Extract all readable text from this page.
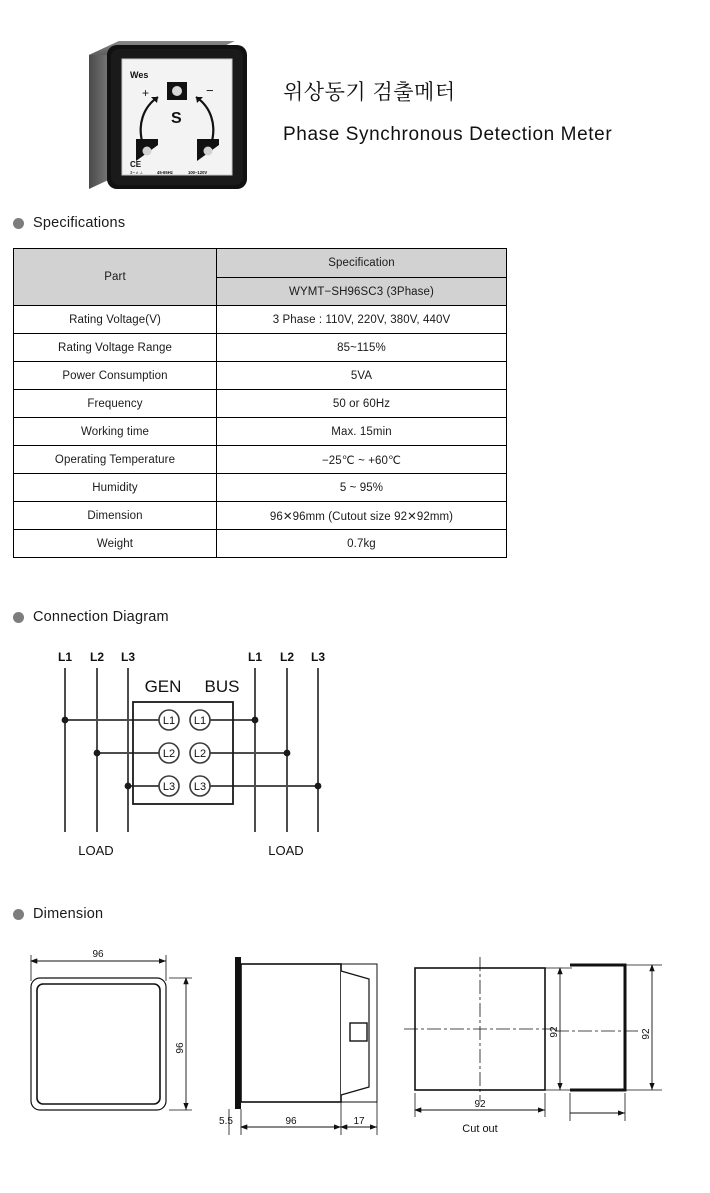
Wes
+	−
S
CE
3~ ≠ ⊥	45-65Hz	100~120V
위상동기 검출메터
Phase Synchronous Detection Meter
Specifications
Part	Specification
	WYMT−SH96SC3 (3Phase)
Rating Voltage(V)	3 Phase : 110V, 220V, 380V, 440V
Rating Voltage Range	85~115%
Power Consumption	5VA
Frequency	50 or 60Hz
Working time	Max. 15min
Operating Temperature	−25℃ ~ +60℃
Humidity	5 ~ 95%
Dimension	96✕96mm (Cutout size 92✕92mm)
Weight	0.7kg
Connection Diagram
L1
L2
L3
L1
L2
L3
GEN BUS
L1 L2 L3	L1 L2 L3
LOAD	LOAD
Dimension
96
96
5.5	96	17
92
92
Cut out
92
